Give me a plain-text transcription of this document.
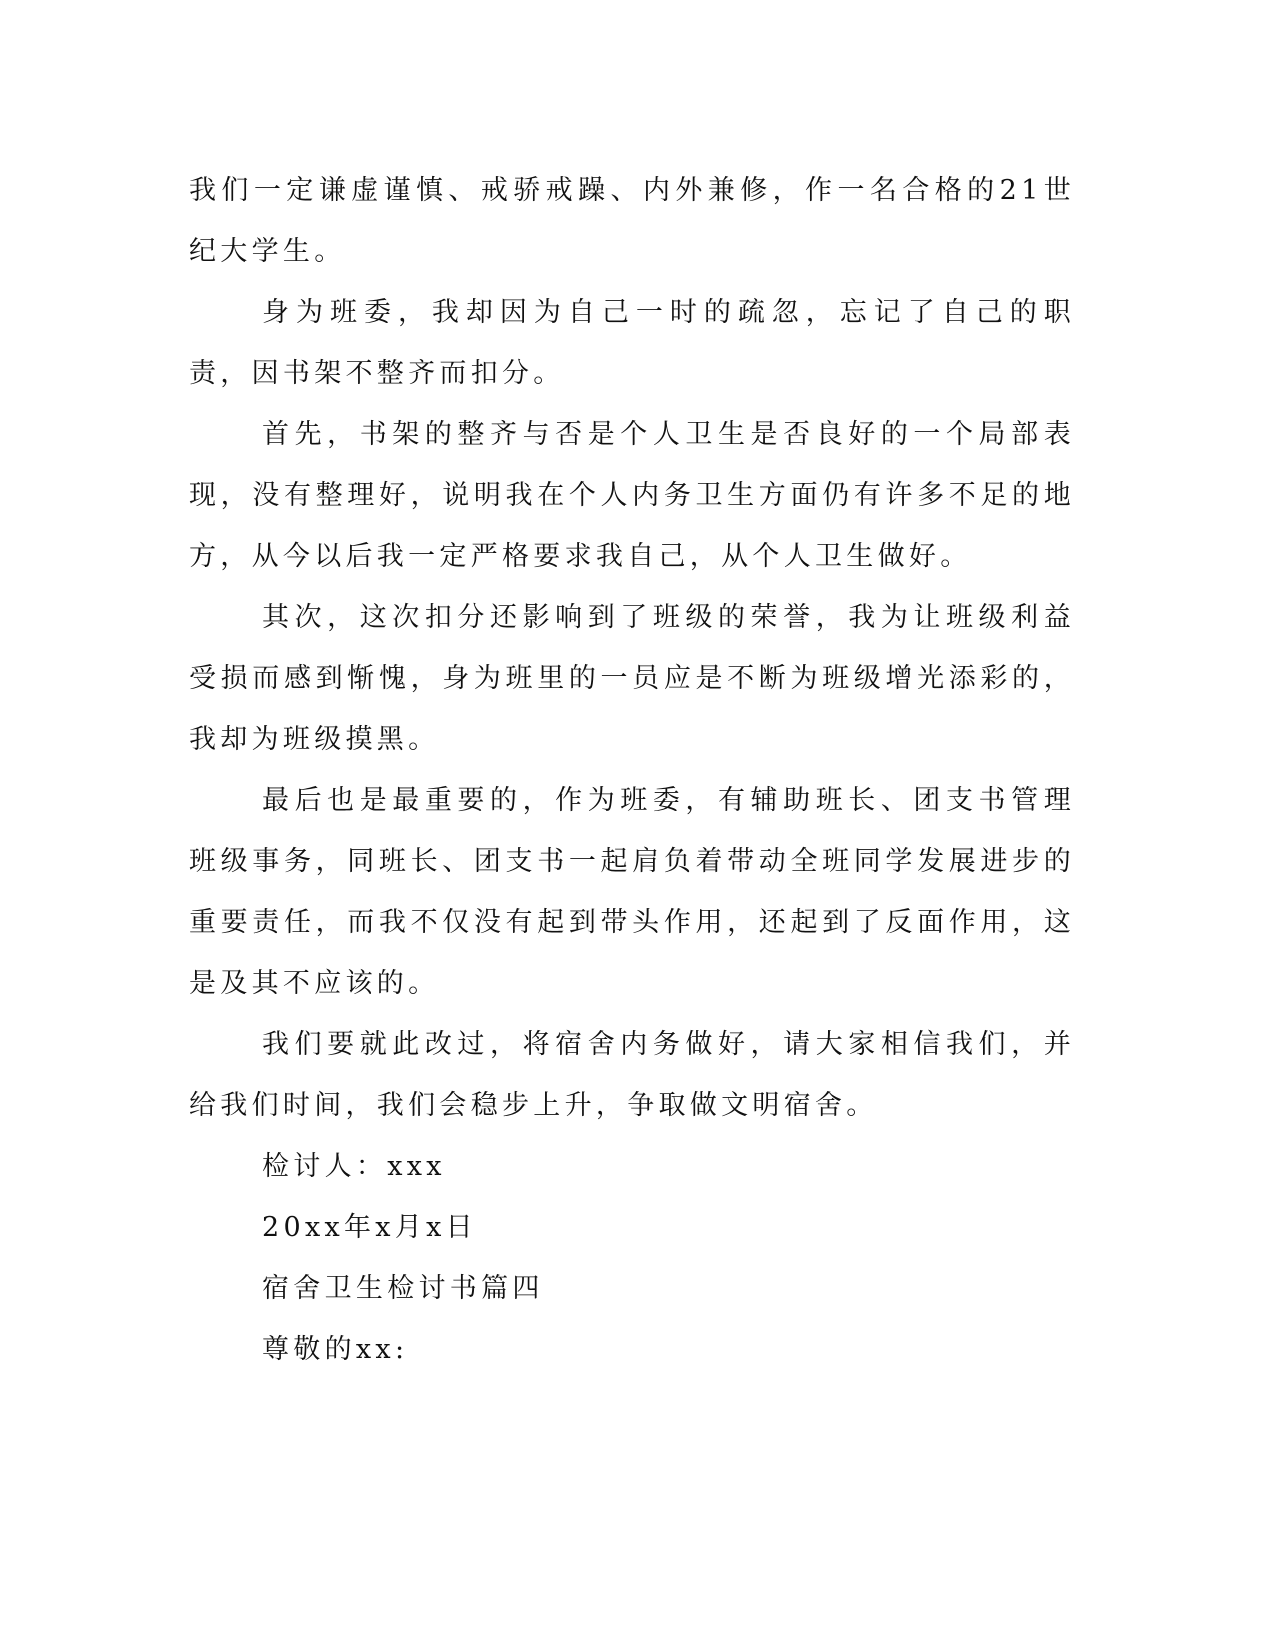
我们一定谦虚谨慎、戒骄戒躁、内外兼修，作一名合格的21世纪大学生。

身为班委，我却因为自己一时的疏忽，忘记了自己的职责，因书架不整齐而扣分。

首先，书架的整齐与否是个人卫生是否良好的一个局部表现，没有整理好，说明我在个人内务卫生方面仍有许多不足的地方，从今以后我一定严格要求我自己，从个人卫生做好。

其次，这次扣分还影响到了班级的荣誉，我为让班级利益受损而感到惭愧，身为班里的一员应是不断为班级增光添彩的，我却为班级摸黑。

最后也是最重要的，作为班委，有辅助班长、团支书管理班级事务，同班长、团支书一起肩负着带动全班同学发展进步的重要责任，而我不仅没有起到带头作用，还起到了反面作用，这是及其不应该的。

我们要就此改过，将宿舍内务做好，请大家相信我们，并给我们时间，我们会稳步上升，争取做文明宿舍。

检讨人：xxx

20xx年x月x日

宿舍卫生检讨书篇四

尊敬的xx:
